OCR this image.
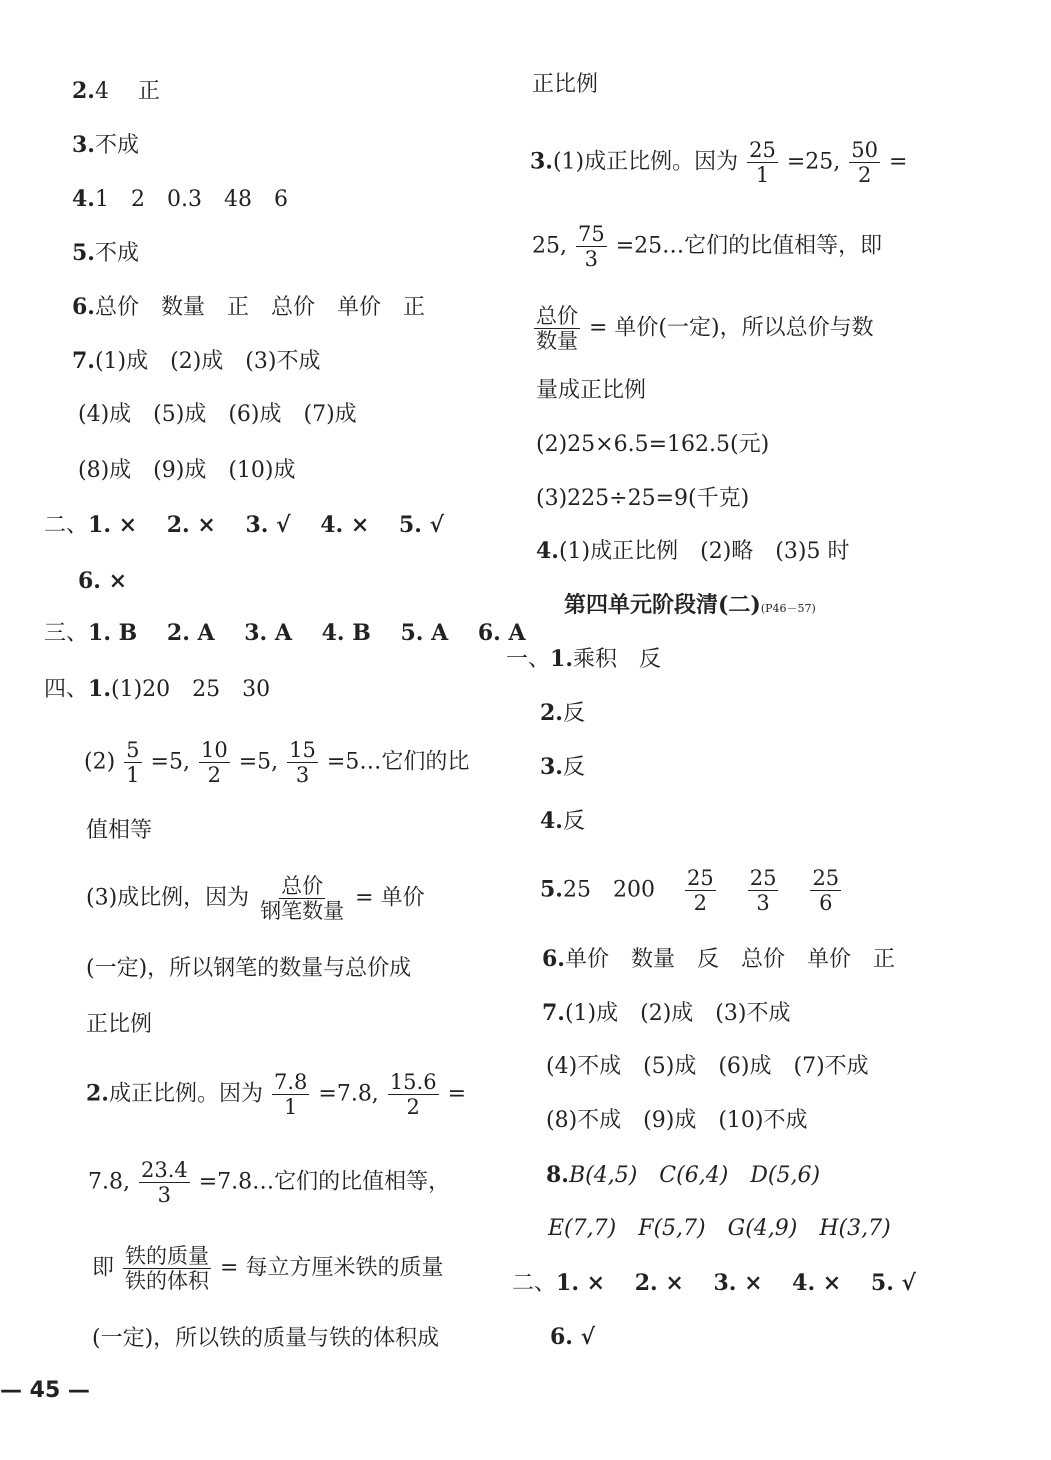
2.4　 正
3.不成
4.1　2　0.3　48　6
5.不成
6.总价　数量　正　总价　单价　正
7.(1)成　(2)成　(3)不成
(4)成　(5)成　(6)成　(7)成
(8)成　(9)成　(10)成
二、1. ×　 2. ×　 3. √　 4. ×　 5. √
6. ×
三、1. B　 2. A　 3. A　 4. B　 5. A　 6. A
四、1.(1)20　25　30
$(2) \frac{5}{1} =5$, $\frac{10}{2} =5$, $\frac{15}{3}$ =5…它们的比
值相等
(3)成比例，因为 $\frac{\text{总价}}{\text{钢笔数量}}$ = 单价
(一定)，所以钢笔的数量与总价成
正比例
2.成正比例。因为 $\frac{7.8}{1} =7.8$, $\frac{15.6}{2}$ =
7.8, $\frac{23.4}{3}$ =7.8…它们的比值相等，
即 $\frac{\text{铁的质量}}{\text{铁的体积}}$ = 每立方厘米铁的质量
(一定)，所以铁的质量与铁的体积成
正比例
3.(1)成正比例。因为 $\frac{25}{1} =25$, $\frac{50}{2}$ =
25, $\frac{75}{3}$ =25…它们的比值相等，即
$\frac{\text{总价}}{\text{数量}}$ = 单价(一定)，所以总价与数
量成正比例
(2)25×6.5=162.5(元)
(3)225÷25=9(千克)
4.(1)成正比例　(2)略　(3)5 时
第四单元阶段清(二)(P46－57)
一、1.乘积　反
2.反
3.反
4.反
5.25　$200 \frac{25}{2}$
$\frac{25}{3}$
$\frac{25}{6}$
6.单价　数量　反　总价　单价　正
7.(1)成　(2)成　(3)不成
(4)不成　(5)成　(6)成　(7)不成
(8)不成　(9)成　(10)不成
8.B(4,5)　C(6,4)　D(5,6)
E(7,7)　F(5,7)　G(4,9)　H(3,7)
二、1. ×　 2. ×　 3. ×　 4. ×　 5. √
6. √
— 45 —
